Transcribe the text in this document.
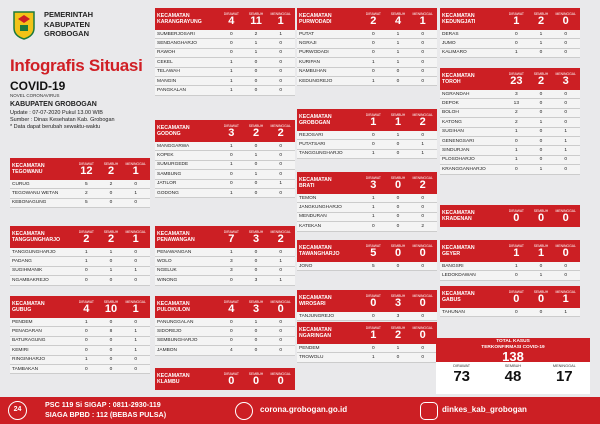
PEMERINTAH
KABUPATEN
GROBOGAN
Infografis Situasi
COVID-19
NOVEL CORONAVIRUS
KABUPATEN GROBOGAN
Update : 07-07-2020 Pukul 13.00 WIB
Sumber : Dinas Kesehatan Kab. Grobogan
* Data dapat berubah sewaktu-waktu
KECAMATAN
KARANGRAYUNG
DIRAWAT
4
SEMBUH
11
MENINGGAL
1
SUMBERJOSARI	0	2	1
SENDANGHARJO	0	1	0
RAWOH	0	1	0
CEKEL	1	0	0
TELAWAH	1	0	0
MANGIN	1	0	0
PANGKALAN	1	0	0
KECAMATAN
PURWODADI
DIRAWAT
2
SEMBUH
4
MENINGGAL
1
PUTAT	0	1	0
NGRAJI	0	1	0
PURWODADI	0	1	0
KURIPAN	1	1	0
NAMBUHAN	0	0	0
KEDUNGREJO	1	0	0
KECAMATAN
KEDUNGJATI
DIRAWAT
1
SEMBUH
2
MENINGGAL
0
DERAS	0	1	0
JUMO	0	1	0
KALIMARO	1	0	0
KECAMATAN
TOROH
DIRAWAT
23
SEMBUH
2
MENINGGAL
3
NGRANDAH	3	0	0
DEPOK	13	0	0
BOLOH	2	0	0
KATONG	2	1	0
SUGIHAN	1	0	1
GENENGSARI	0	0	1
SINDURJAN	1	0	1
PLOSOHARJO	1	0	0
KRANGGANHARJO	0	1	0
KECAMATAN
GODONG
DIRAWAT
3
SEMBUH
2
MENINGGAL
2
MANGGARWA	1	0	0
KOPEK	0	1	0
SUMURGEDE	1	0	0
SAMBUNG	0	1	0
JATILOR	0	0	1
GODONG	1	0	0
KECAMATAN
GROBOGAN
DIRAWAT
1
SEMBUH
1
MENINGGAL
2
REJOSARI	0	1	0
PUTATSARI	0	0	1
TANGGUNGHARJO	1	0	1
KECAMATAN
TEGOWANU
DIRAWAT
12
SEMBUH
2
MENINGGAL
1
CURUG	5	2	0
TEGOWANU WETAN	2	0	1
KEBONAGUNG	5	0	0
KECAMATAN
BRATI
DIRAWAT
3
SEMBUH
0
MENINGGAL
2
TEMON	1	0	0
JANGKUNGHARJO	1	0	0
MENDURAN	1	0	0
KATEKAN	0	0	2
KECAMATAN
KRADENAN
DIRAWAT
0
SEMBUH
0
MENINGGAL
0
KECAMATAN
TANGGUNGHARJO
DIRAWAT
2
SEMBUH
2
MENINGGAL
1
TANGGUNGHARJO	1	1	0
PADANG	1	0	0
SUGIHMANIK	0	1	1
NGAMBAKREJO	0	0	0
KECAMATAN
PENAWANGAN
DIRAWAT
7
SEMBUH
3
MENINGGAL
2
PENAWANGAN	1	0	0
WOLO	3	0	1
NGELUK	3	0	0
WINONG	0	3	1
KECAMATAN
TAWANGHARJO
DIRAWAT
5
SEMBUH
0
MENINGGAL
0
JONO	5	0	0
KECAMATAN
GEYER
DIRAWAT
1
SEMBUH
1
MENINGGAL
0
BANGSRI	1	0	0
LEDOKDAWAN	0	1	0
KECAMATAN
GUBUG
DIRAWAT
4
SEMBUH
10
MENINGGAL
1
PENDEM	1	0	0
PENADARAN	0	8	1
BATURAGUNG	0	0	1
KEMIRI	0	0	1
RINGINHARJO	1	0	0
TAMBAKAN	0	0	0
KECAMATAN
PULOKULON
DIRAWAT
4
SEMBUH
3
MENINGGAL
0
PANUNGGALAN	0	1	0
SIDOREJO	0	0	0
SEMBUNGHARJO	0	0	0
JAMBON	4	0	0
KECAMATAN
WIROSARI
DIRAWAT
0
SEMBUH
3
MENINGGAL
0
TANJUNGREJO	0	3	0
KECAMATAN
GABUS
DIRAWAT
0
SEMBUH
0
MENINGGAL
1
TAHUNAN	0	0	1
KECAMATAN
NGARINGAN
DIRAWAT
1
SEMBUH
2
MENINGGAL
0
PENDEM	0	1	0
TROWOLU	1	0	0
KECAMATAN
KLAMBU
DIRAWAT
0
SEMBUH
0
MENINGGAL
0
TOTAL KASUS
TERKONFIRMASI COVID-19
138
DIRAWAT
73
SEMBUH
48
MENINGGAL
17
24
PSC 119 Si SIGAP : 0811-2930-119
SIAGA BPBD : 112 (BEBAS PULSA)
corona.grobogan.go.id	dinkes_kab_grobogan
